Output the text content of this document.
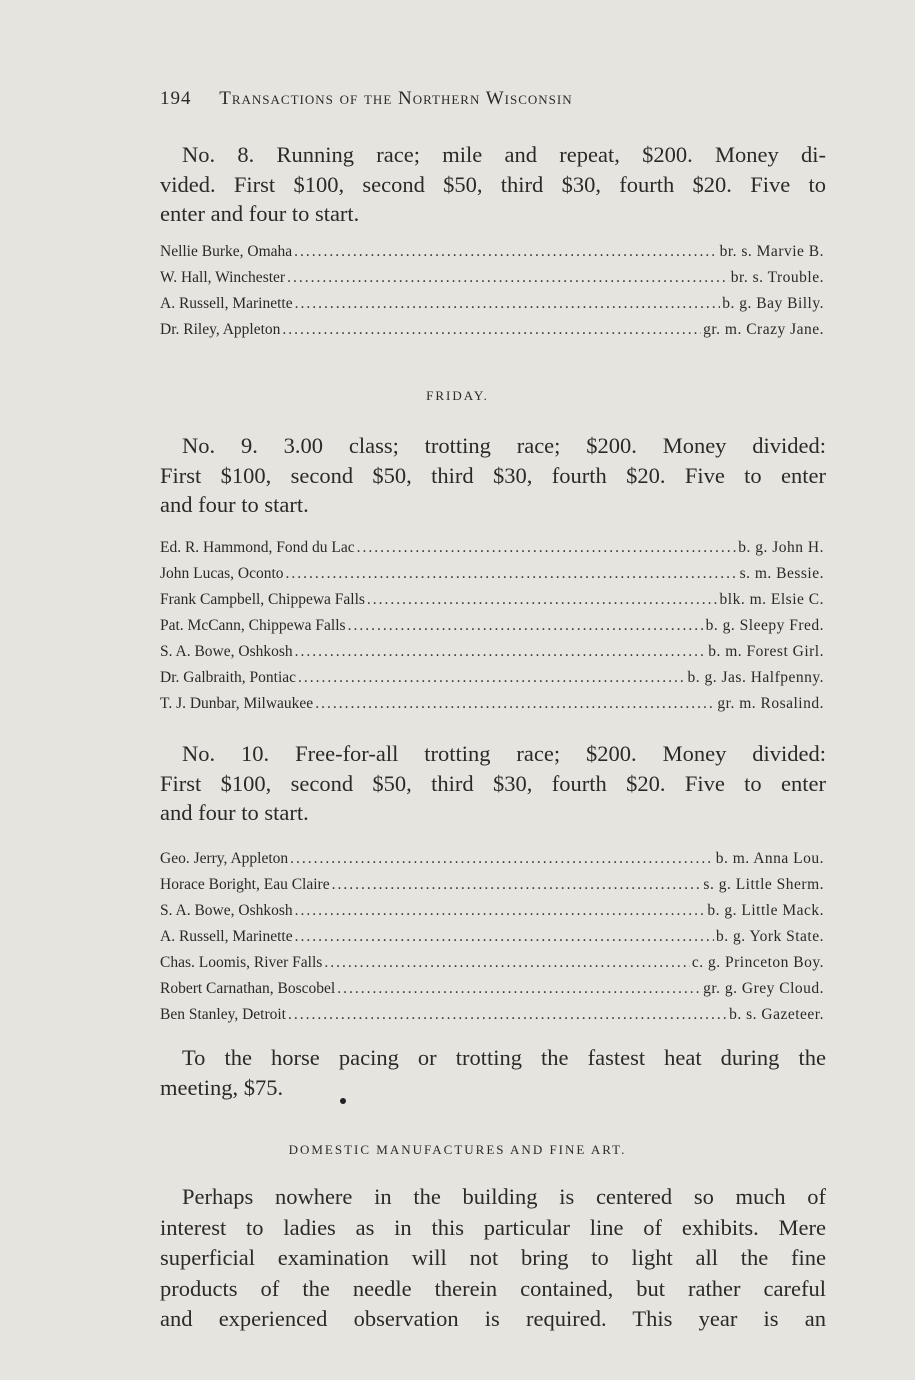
194 Transactions of the Northern Wisconsin
No. 8. Running race; mile and repeat, $200. Money di-
vided. First $100, second $50, third $30, fourth $20. Five to
enter and four to start.
Nellie Burke, Omaha .....	br. s. Marvie B.
W. Hall, Winchester .....	br. s. Trouble.
A. Russell, Marinette .....	b. g. Bay Billy.
Dr. Riley, Appleton .....	gr. m. Crazy Jane.
FRIDAY.
No. 9. 3.00 class; trotting race; $200. Money divided:
First $100, second $50, third $30, fourth $20. Five to enter
and four to start.
Ed. R. Hammond, Fond du Lac .....	b. g. John H.
John Lucas, Oconto .....	s. m. Bessie.
Frank Campbell, Chippewa Falls .....	blk. m. Elsie C.
Pat. McCann, Chippewa Falls .....	b. g. Sleepy Fred.
S. A. Bowe, Oshkosh .....	b. m. Forest Girl.
Dr. Galbraith, Pontiac .....	b. g. Jas. Halfpenny.
T. J. Dunbar, Milwaukee .....	gr. m. Rosalind.
No. 10. Free-for-all trotting race; $200. Money divided:
First $100, second $50, third $30, fourth $20. Five to enter
and four to start.
Geo. Jerry, Appleton .....	b. m. Anna Lou.
Horace Boright, Eau Claire .....	s. g. Little Sherm.
S. A. Bowe, Oshkosh .....	b. g. Little Mack.
A. Russell, Marinette .....	b. g. York State.
Chas. Loomis, River Falls .....	c. g. Princeton Boy.
Robert Carnathan, Boscobel .....	gr. g. Grey Cloud.
Ben Stanley, Detroit .....	b. s. Gazeteer.
To the horse pacing or trotting the fastest heat during the
meeting, $75.
DOMESTIC MANUFACTURES AND FINE ART.
Perhaps nowhere in the building is centered so much of
interest to ladies as in this particular line of exhibits. Mere
superficial examination will not bring to light all the fine
products of the needle therein contained, but rather careful
and experienced observation is required. This year is an
